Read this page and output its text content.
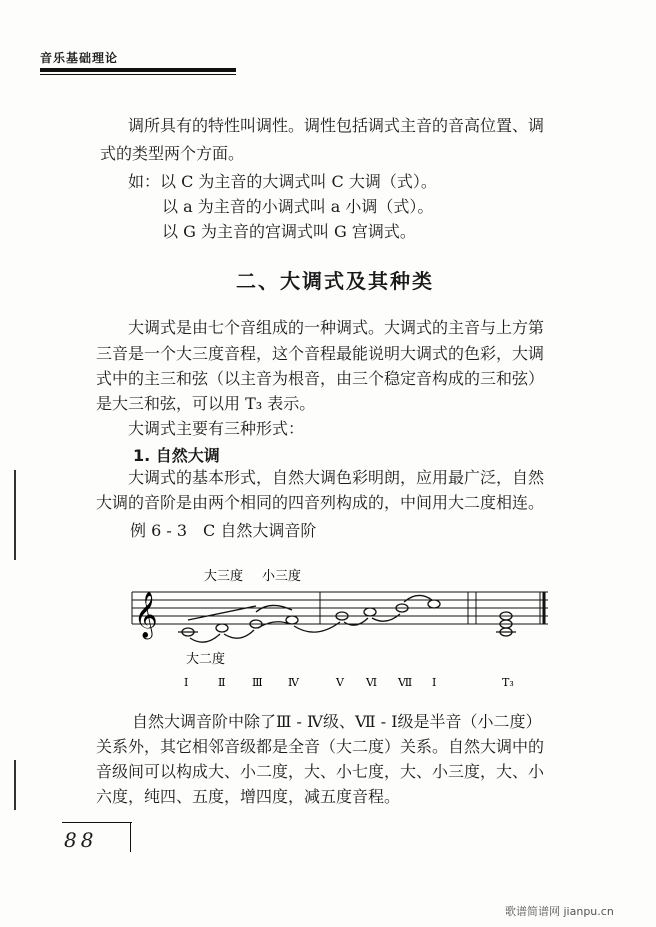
音乐基础理论
调所具有的特性叫调性。调性包括调式主音的音高位置、调
式的类型两个方面。
如：以 C 为主音的大调式叫 C 大调（式）。
以 a 为主音的小调式叫 a 小调（式）。
以 G 为主音的宫调式叫 G 宫调式。
二、大调式及其种类
大调式是由七个音组成的一种调式。大调式的主音与上方第
三音是一个大三度音程，这个音程最能说明大调式的色彩，大调
式中的主三和弦（以主音为根音，由三个稳定音构成的三和弦）
是大三和弦，可以用 T₃ 表示。
大调式主要有三种形式：
1. 自然大调
大调式的基本形式，自然大调色彩明朗，应用最广泛，自然
大调的音阶是由两个相同的四音列构成的，中间用大二度相连。
例 6 - 3　C 自然大调音阶
大三度 小三度
𝄞
大二度
Ⅰ	Ⅱ Ⅲ Ⅳ	Ⅴ Ⅵ Ⅶ Ⅰ	T₃
自然大调音阶中除了Ⅲ - Ⅳ级、Ⅶ - Ⅰ级是半音（小二度）
关系外，其它相邻音级都是全音（大二度）关系。自然大调中的
音级间可以构成大、小二度，大、小七度，大、小三度，大、小
六度，纯四、五度，增四度，减五度音程。
88
歌谱简谱网 jianpu.cn
